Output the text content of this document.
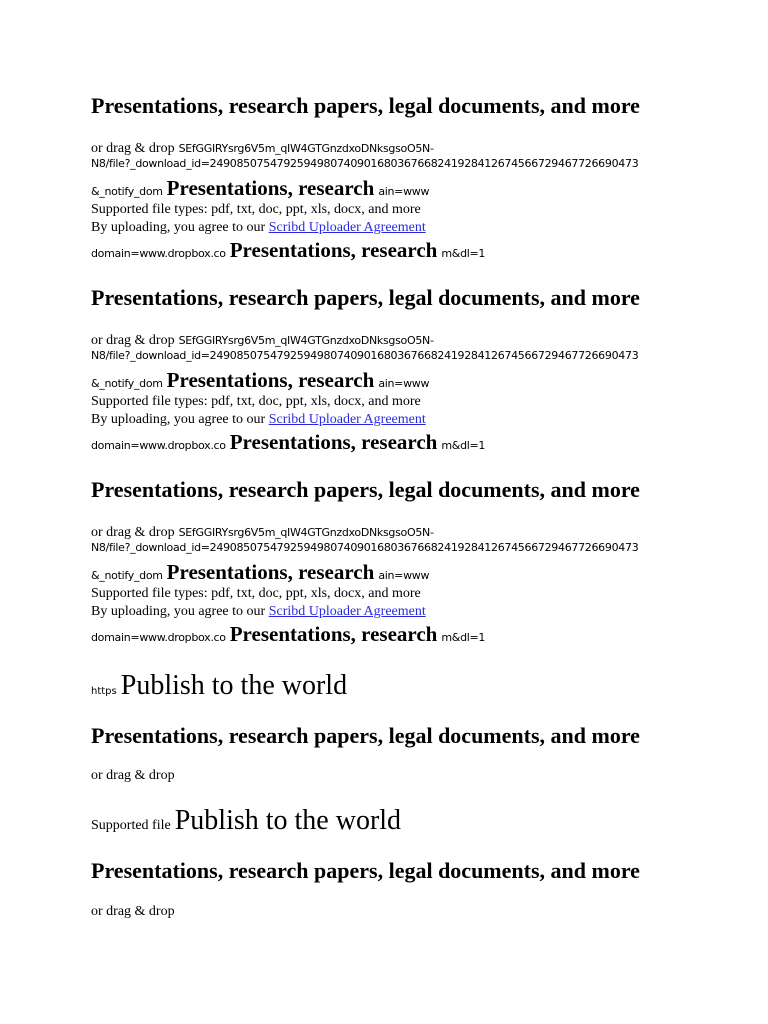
Presentations, research papers, legal documents, and more
or drag & drop SEfGGIRYsrg6V5m_qIW4GTGnzdxoDNksgsoO5N-
N8/file?_download_id=2490850754792594980740901680367668241928412674566729467726690473
&_notify_dom Presentations, research ain=www
Supported file types: pdf, txt, doc, ppt, xls, docx, and more
By uploading, you agree to our Scribd Uploader Agreement
domain=www.dropbox.co Presentations, research m&dl=1
Presentations, research papers, legal documents, and more
or drag & drop SEfGGIRYsrg6V5m_qIW4GTGnzdxoDNksgsoO5N-
N8/file?_download_id=2490850754792594980740901680367668241928412674566729467726690473
&_notify_dom Presentations, research ain=www
Supported file types: pdf, txt, doc, ppt, xls, docx, and more
By uploading, you agree to our Scribd Uploader Agreement
domain=www.dropbox.co Presentations, research m&dl=1
Presentations, research papers, legal documents, and more
or drag & drop SEfGGIRYsrg6V5m_qIW4GTGnzdxoDNksgsoO5N-
N8/file?_download_id=2490850754792594980740901680367668241928412674566729467726690473
&_notify_dom Presentations, research ain=www
Supported file types: pdf, txt, doc, ppt, xls, docx, and more
By uploading, you agree to our Scribd Uploader Agreement
domain=www.dropbox.co Presentations, research m&dl=1
https Publish to the world
Presentations, research papers, legal documents, and more
or drag & drop
Supported file Publish to the world
Presentations, research papers, legal documents, and more
or drag & drop
